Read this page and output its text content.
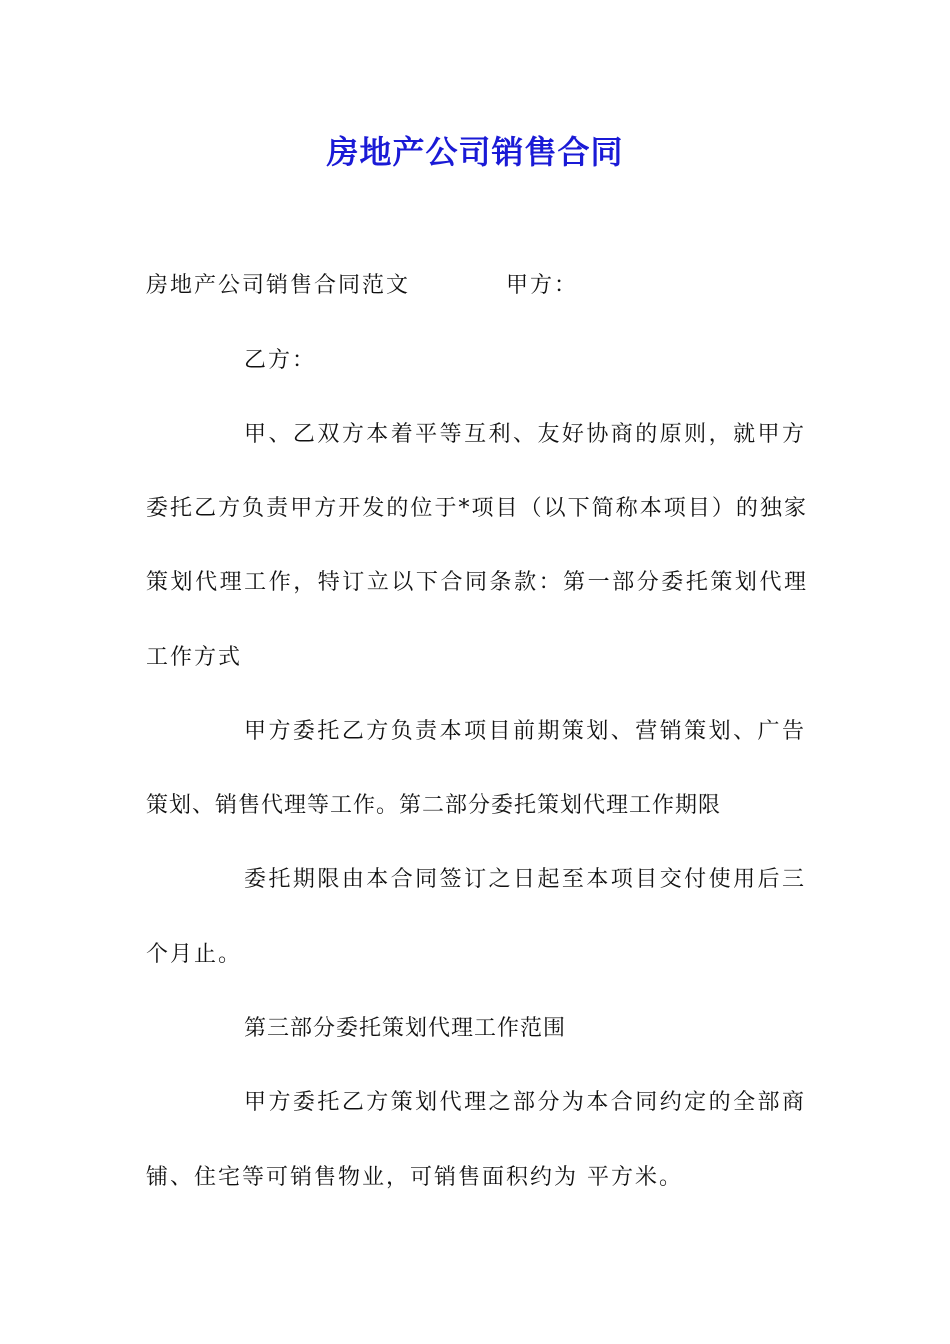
房地产公司销售合同
房地产公司销售合同范文	甲方：
乙方：
甲、乙双方本着平等互利、友好协商的原则，就甲方
委托乙方负责甲方开发的位于*项目（以下简称本项目）的独家
策划代理工作，特订立以下合同条款：第一部分委托策划代理
工作方式
甲方委托乙方负责本项目前期策划、营销策划、广告
策划、销售代理等工作。第二部分委托策划代理工作期限
委托期限由本合同签订之日起至本项目交付使用后三
个月止。
第三部分委托策划代理工作范围
甲方委托乙方策划代理之部分为本合同约定的全部商
铺、住宅等可销售物业，可销售面积约为 平方米。
